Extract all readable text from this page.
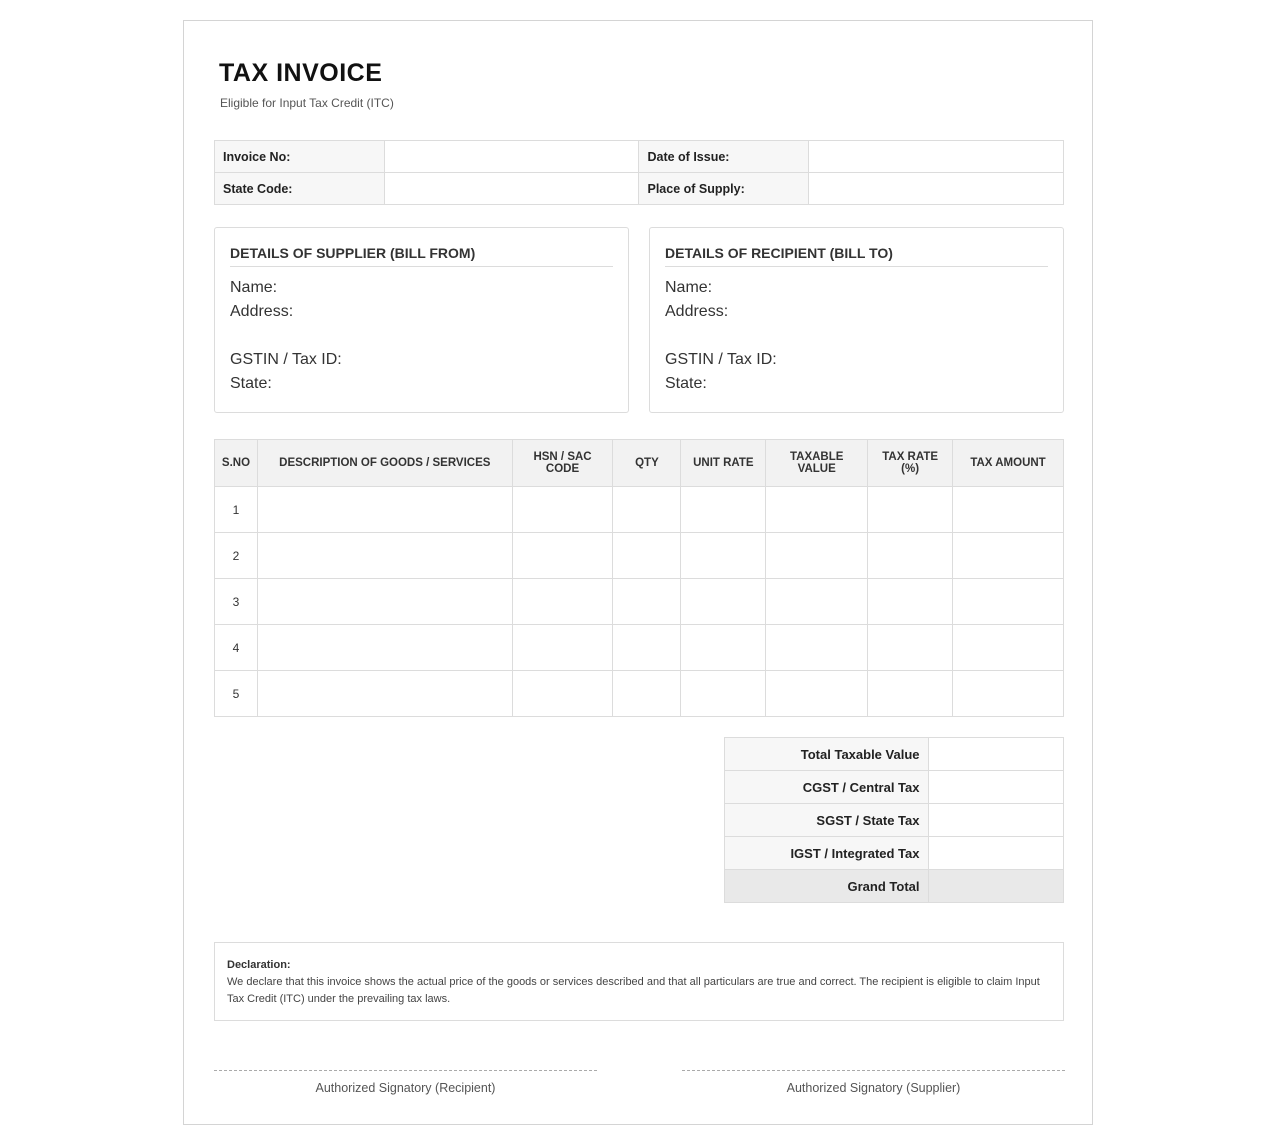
TAX INVOICE
Eligible for Input Tax Credit (ITC)
Invoice No:		Date of Issue:	
State Code:		Place of Supply:	
DETAILS OF SUPPLIER (BILL FROM)
Name:
Address:
GSTIN / Tax ID:
State:
DETAILS OF RECIPIENT (BILL TO)
Name:
Address:
GSTIN / Tax ID:
State:
S.NO	DESCRIPTION OF GOODS / SERVICES	HSN / SAC CODE	QTY	UNIT RATE	TAXABLE VALUE	TAX RATE (%)	TAX AMOUNT
1							
2							
3							
4							
5							
Total Taxable Value	
CGST / Central Tax	
SGST / State Tax	
IGST / Integrated Tax	
Grand Total	
Declaration:
We declare that this invoice shows the actual price of the goods or services described and that all particulars are true and correct. The recipient is eligible to claim Input Tax Credit (ITC) under the prevailing tax laws.
Authorized Signatory (Recipient)	Authorized Signatory (Supplier)
